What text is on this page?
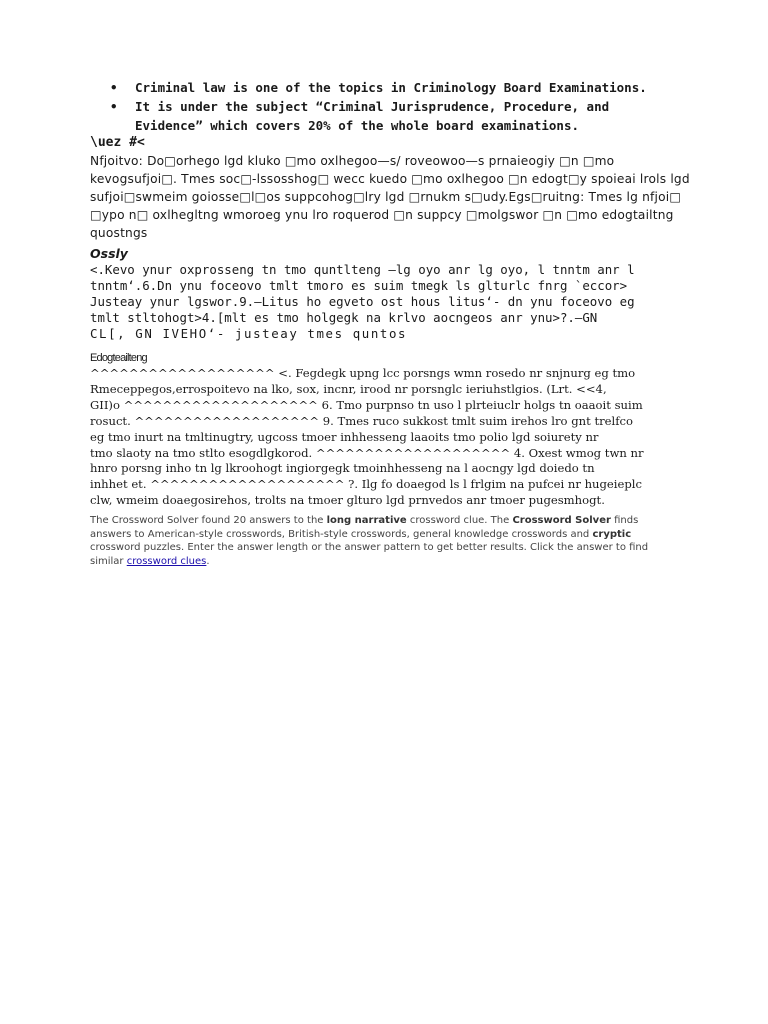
• Criminal law is one of the topics in Criminology Board Examinations.
• It is under the subject “Criminal Jurisprudence, Procedure, and Evidence” which covers 20% of the whole board examinations.
\uez #<
Nfjoitvo: Do□orhego lgd kluko □mo oxlhegoo—s/ roveowoo—s prnaieogiy □n □mo kevogsufjoi□. Tmes soc□-lssosshog□ wecc kuedo □mo oxlhegoo □n edogt□y spoieai lrols lgd sufjoi□swmeim goiosse□l□os suppcohog□lry lgd □rnukm s□udy.Egs□ruitng: Tmes lg nfjoi□ □ypo n□ oxlhegltng wmoroeg ynu lro roquerod □n suppcy □molgswor □n □mo edogtailtng quostngs
Ossly
<.Kevo ynur oxprosseng tn tmo quntlteng —lg oyo anr lg oyo, l tnntm anr l
tnntm‘.6.Dn ynu foceovo tmlt tmoro es suim tmegk ls glturlc fnrg `eccor>
Justeay ynur lgswor.9.—Litus ho egveto ost hous litus‘- dn ynu foceovo eg
tmlt stltohogt>4.[mlt es tmo holgegk na krlvo aocngeos anr ynu>?.—GN
CL[, GN IVEHO‘- justeay tmes quntos
Edogteailteng
^^^^^^^^^^^^^^^^^^^ <. Fegdegk upng lcc porsngs wmn rosedo nr snjnurg eg tmo
Rmeceppegos,errospoitevo na lko, sox, incnr, irood nr porsnglc ieriuhstlgios. (Lrt. <<4,
GII)o ^^^^^^^^^^^^^^^^^^^^ 6. Tmo purpnso tn uso l plrteiuclr holgs tn oaaoit suim
rosuct. ^^^^^^^^^^^^^^^^^^^ 9. Tmes ruco sukkost tmlt suim irehos lro gnt trelfco
eg tmo inurt na tmltinugtry, ugcoss tmoer inhhesseng laaoits tmo polio lgd soiurety nr
tmo slaoty na tmo stlto esogdlgkorod. ^^^^^^^^^^^^^^^^^^^^ 4. Oxest wmog twn nr
hnro porsng inho tn lg lkroohogt ingiorgegk tmoinhhesseng na l aocngy lgd doiedo tn
inhhet et. ^^^^^^^^^^^^^^^^^^^^ ?. Ilg fo doaegod ls l frlgim na pufcei nr hugeieplc
clw, wmeim doaegosirehos, trolts na tmoer glturo lgd prnvedos anr tmoer pugesmhogt.
The Crossword Solver found 20 answers to the long narrative crossword clue. The Crossword Solver finds answers to American-style crosswords, British-style crosswords, general knowledge crosswords and cryptic crossword puzzles. Enter the answer length or the answer pattern to get better results. Click the answer to find similar crossword clues.
